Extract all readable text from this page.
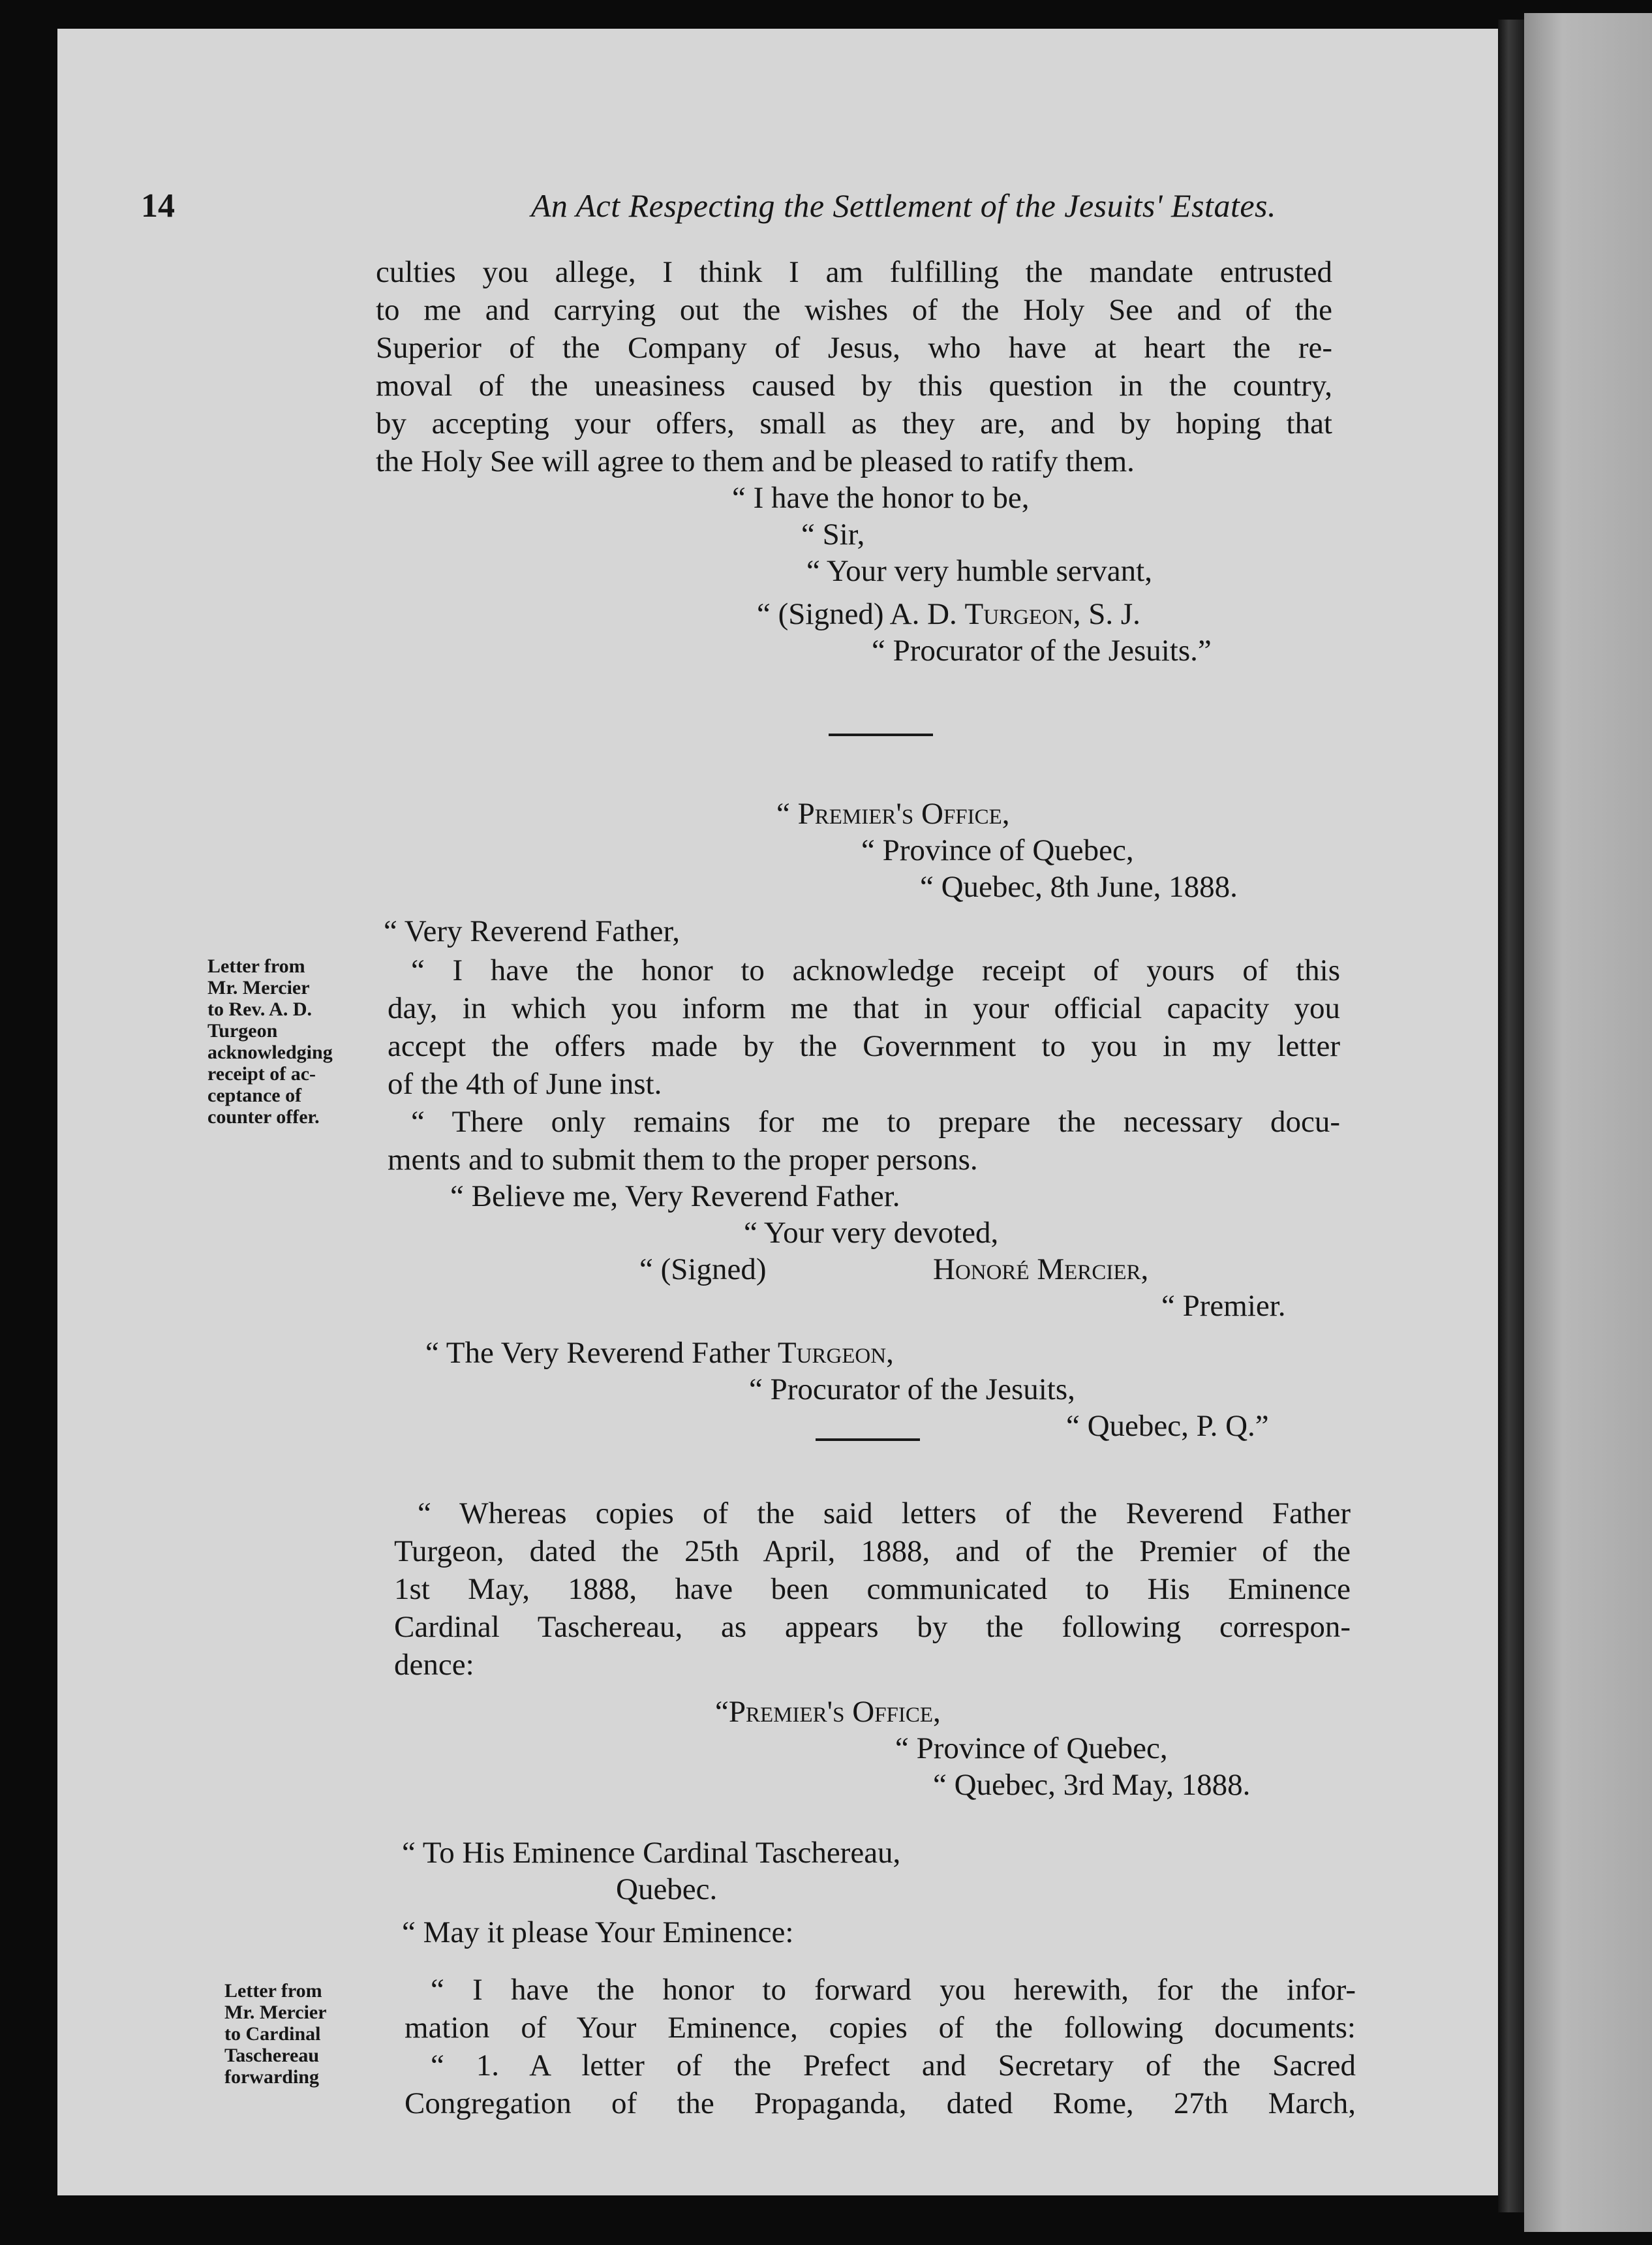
14	An Act Respecting the Settlement of the Jesuits' Estates.
culties you allege, I think I am fulfilling the mandate entrusted
to me and carrying out the wishes of the Holy See and of the
Superior of the Company of Jesus, who have at heart the re-
moval of the uneasiness caused by this question in the country,
by accepting your offers, small as they are, and by hoping that
the Holy See will agree to them and be pleased to ratify them.
“ I have the honor to be,
“ Sir,
“ Your very humble servant,
“ (Signed) A. D. Turgeon, S. J.
“ Procurator of the Jesuits.”
“ Premier's Office,
“ Province of Quebec,
“ Quebec, 8th June, 1888.
“ Very Reverend Father,
“ I have the honor to acknowledge receipt of yours of this
day, in which you inform me that in your official capacity you
accept the offers made by the Government to you in my letter
of the 4th of June inst.
“ There only remains for me to prepare the necessary docu-
ments and to submit them to the proper persons.
“ Believe me, Very Reverend Father.
“ Your very devoted,
“ (Signed)	Honoré Mercier,
“ Premier.
“ The Very Reverend Father Turgeon,
“ Procurator of the Jesuits,
“ Quebec, P. Q.”
Letter from
Mr. Mercier
to Rev. A. D.
Turgeon
acknowledging
receipt of ac-
ceptance of
counter offer.
“ Whereas copies of the said letters of the Reverend Father
Turgeon, dated the 25th April, 1888, and of the Premier of the
1st May, 1888, have been communicated to His Eminence
Cardinal Taschereau, as appears by the following correspon-
dence:
“Premier's Office,
“ Province of Quebec,
“ Quebec, 3rd May, 1888.
“ To His Eminence Cardinal Taschereau,
Quebec.
“ May it please Your Eminence:
“ I have the honor to forward you herewith, for the infor-
mation of Your Eminence, copies of the following documents:
“ 1. A letter of the Prefect and Secretary of the Sacred
Congregation of the Propaganda, dated Rome, 27th March,
Letter from
Mr. Mercier
to Cardinal
Taschereau
forwarding
